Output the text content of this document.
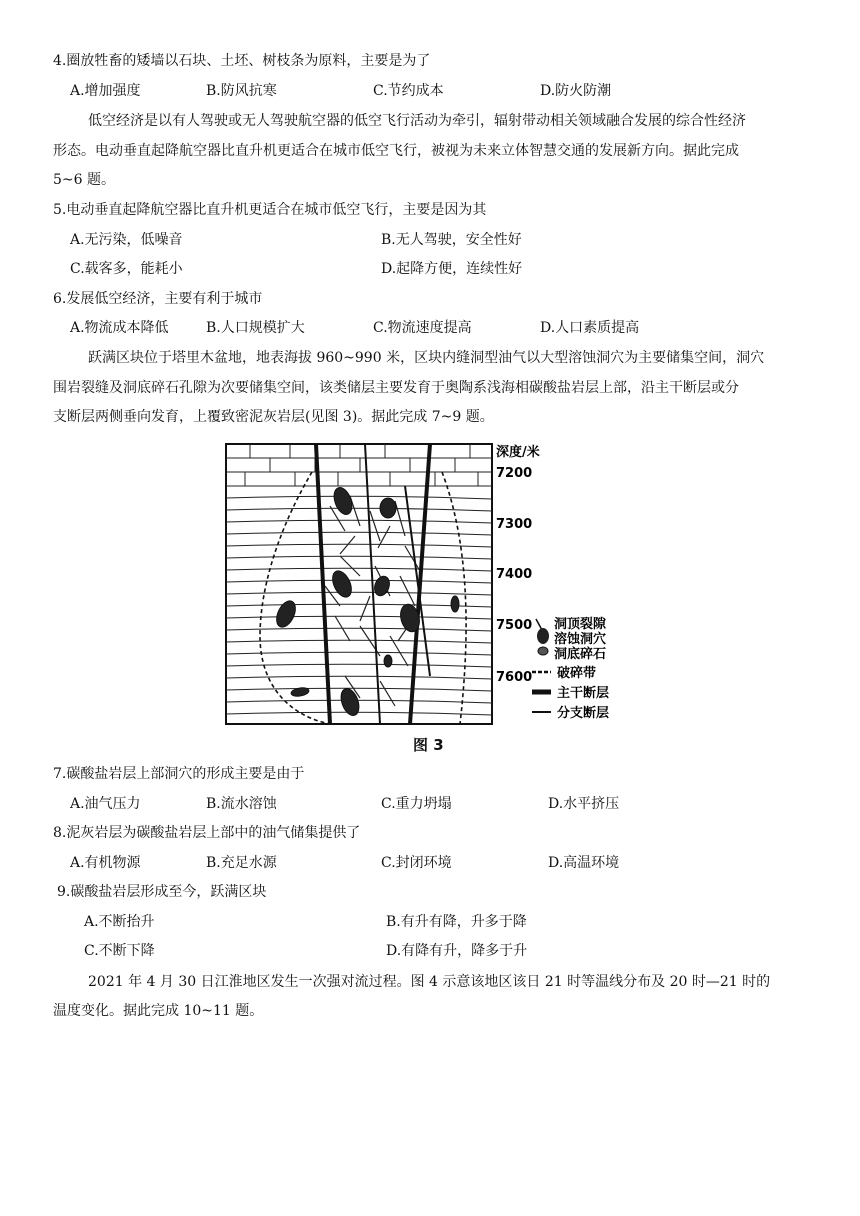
4.圈放牲畜的矮墙以石块、土坯、树枝条为原料，主要是为了
A.增加强度	B.防风抗寒	C.节约成本	D.防火防潮
低空经济是以有人驾驶或无人驾驶航空器的低空飞行活动为牵引，辐射带动相关领域融合发展的综合性经济
形态。电动垂直起降航空器比直升机更适合在城市低空飞行，被视为未来立体智慧交通的发展新方向。据此完成
5~6 题。
5.电动垂直起降航空器比直升机更适合在城市低空飞行，主要是因为其
A.无污染，低噪音	B.无人驾驶，安全性好
C.载客多，能耗小	D.起降方便，连续性好
6.发展低空经济，主要有利于城市
A.物流成本降低	B.人口规模扩大	C.物流速度提高	D.人口素质提高
跃满区块位于塔里木盆地，地表海拔 960~990 米，区块内缝洞型油气以大型溶蚀洞穴为主要储集空间，洞穴
围岩裂缝及洞底碎石孔隙为次要储集空间，该类储层主要发育于奥陶系浅海相碳酸盐岩层上部，沿主干断层或分
支断层两侧垂向发育，上覆致密泥灰岩层(见图 3)。据此完成 7~9 题。
深度/米
7200
7300
7400
7500
7600
洞顶裂隙
溶蚀洞穴
洞底碎石
破碎带
主干断层
分支断层
图 3
7.碳酸盐岩层上部洞穴的形成主要是由于
A.油气压力	B.流水溶蚀	C.重力坍塌	D.水平挤压
8.泥灰岩层为碳酸盐岩层上部中的油气储集提供了
A.有机物源	B.充足水源	C.封闭环境	D.高温环境
9.碳酸盐岩层形成至今，跃满区块
A.不断抬升	B.有升有降，升多于降
C.不断下降	D.有降有升，降多于升
2021 年 4 月 30 日江淮地区发生一次强对流过程。图 4 示意该地区该日 21 时等温线分布及 20 时—21 时的
温度变化。据此完成 10~11 题。
